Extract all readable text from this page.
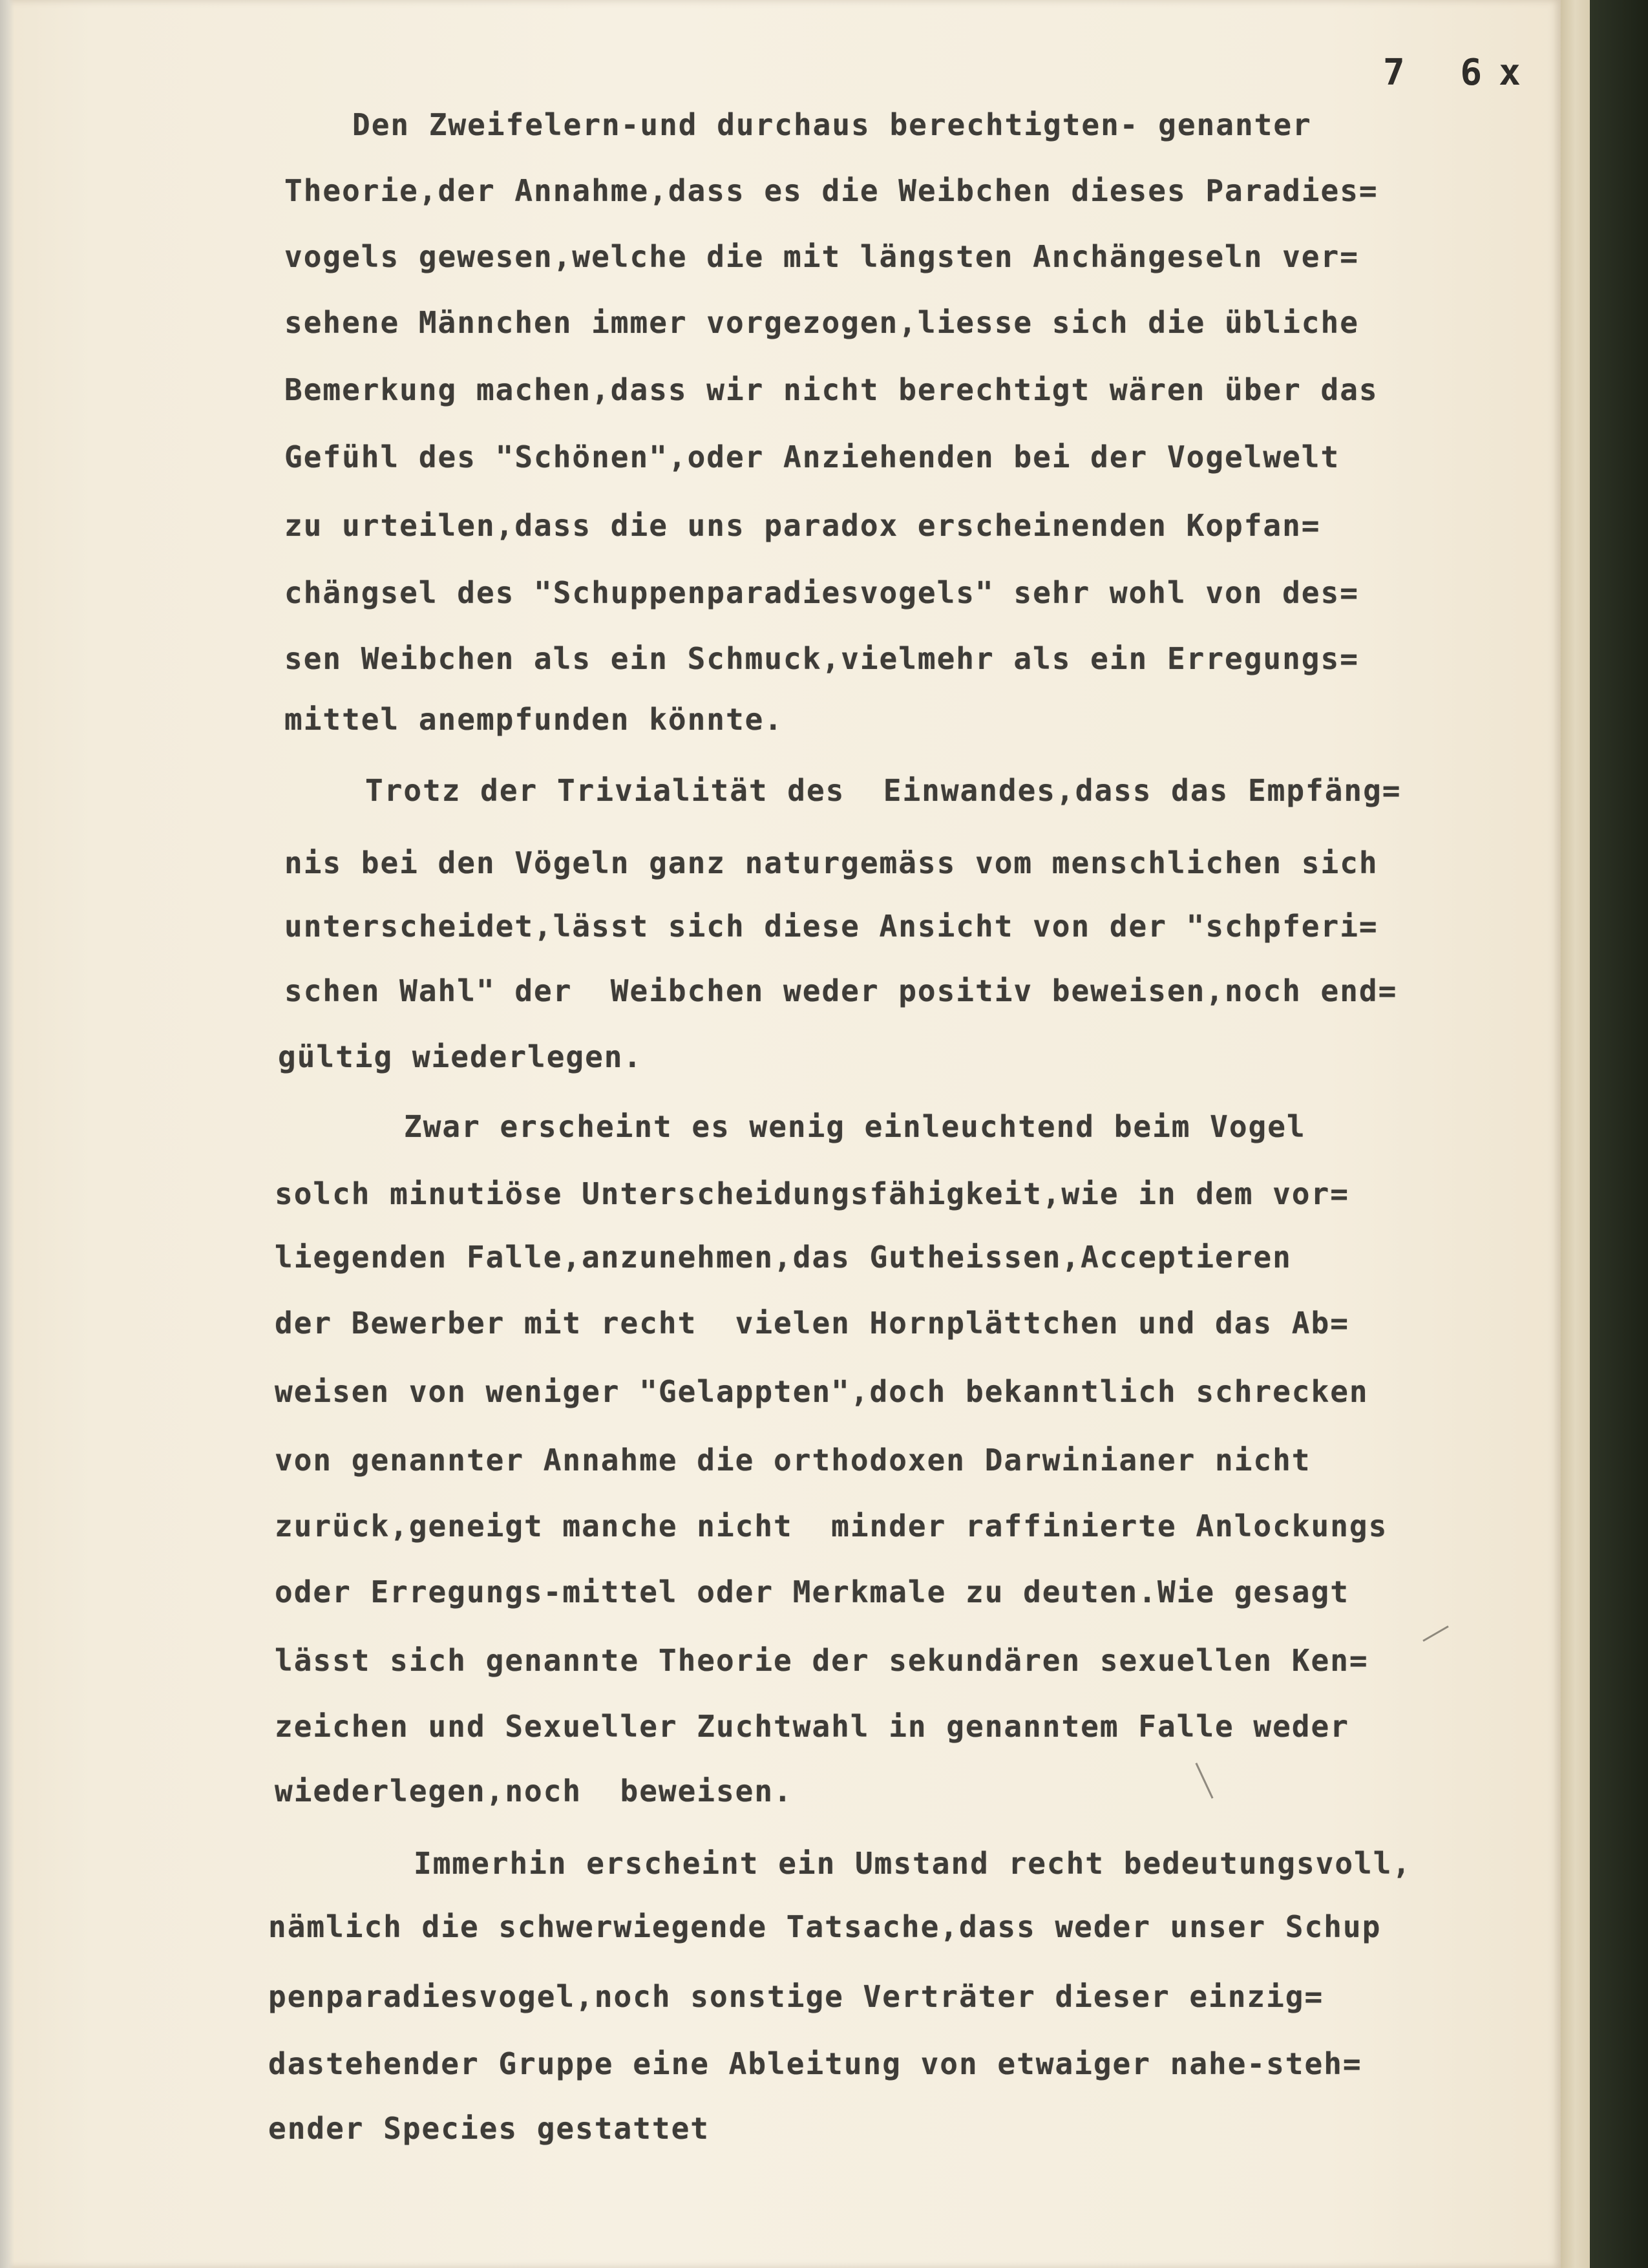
7 6x
Den Zweifelern-und durchaus berechtigten- genanter
Theorie,der Annahme,dass es die Weibchen dieses Paradies=
vogels gewesen,welche die mit längsten Anchängeseln ver=
sehene Männchen immer vorgezogen,liesse sich die übliche
Bemerkung machen,dass wir nicht berechtigt wären über das
Gefühl des "Schönen",oder Anziehenden bei der Vogelwelt
zu urteilen,dass die uns paradox erscheinenden Kopfan=
chängsel des "Schuppenparadiesvogels" sehr wohl von des=
sen Weibchen als ein Schmuck,vielmehr als ein Erregungs=
mittel anempfunden könnte.
Trotz der Trivialität des  Einwandes,dass das Empfäng=
nis bei den Vögeln ganz naturgemäss vom menschlichen sich
unterscheidet,lässt sich diese Ansicht von der "schpferi=
schen Wahl" der  Weibchen weder positiv beweisen,noch end=
gültig wiederlegen.
Zwar erscheint es wenig einleuchtend beim Vogel
solch minutiöse Unterscheidungsfähigkeit,wie in dem vor=
liegenden Falle,anzunehmen,das Gutheissen,Acceptieren
der Bewerber mit recht  vielen Hornplättchen und das Ab=
weisen von weniger "Gelappten",doch bekanntlich schrecken
von genannter Annahme die orthodoxen Darwinianer nicht
zurück,geneigt manche nicht  minder raffinierte Anlockungs
oder Erregungs-mittel oder Merkmale zu deuten.Wie gesagt
lässt sich genannte Theorie der sekundären sexuellen Ken=
zeichen und Sexueller Zuchtwahl in genanntem Falle weder
wiederlegen,noch  beweisen.
Immerhin erscheint ein Umstand recht bedeutungsvoll,
nämlich die schwerwiegende Tatsache,dass weder unser Schup
penparadiesvogel,noch sonstige Verträter dieser einzig=
dastehender Gruppe eine Ableitung von etwaiger nahe-steh=
ender Species gestattet
